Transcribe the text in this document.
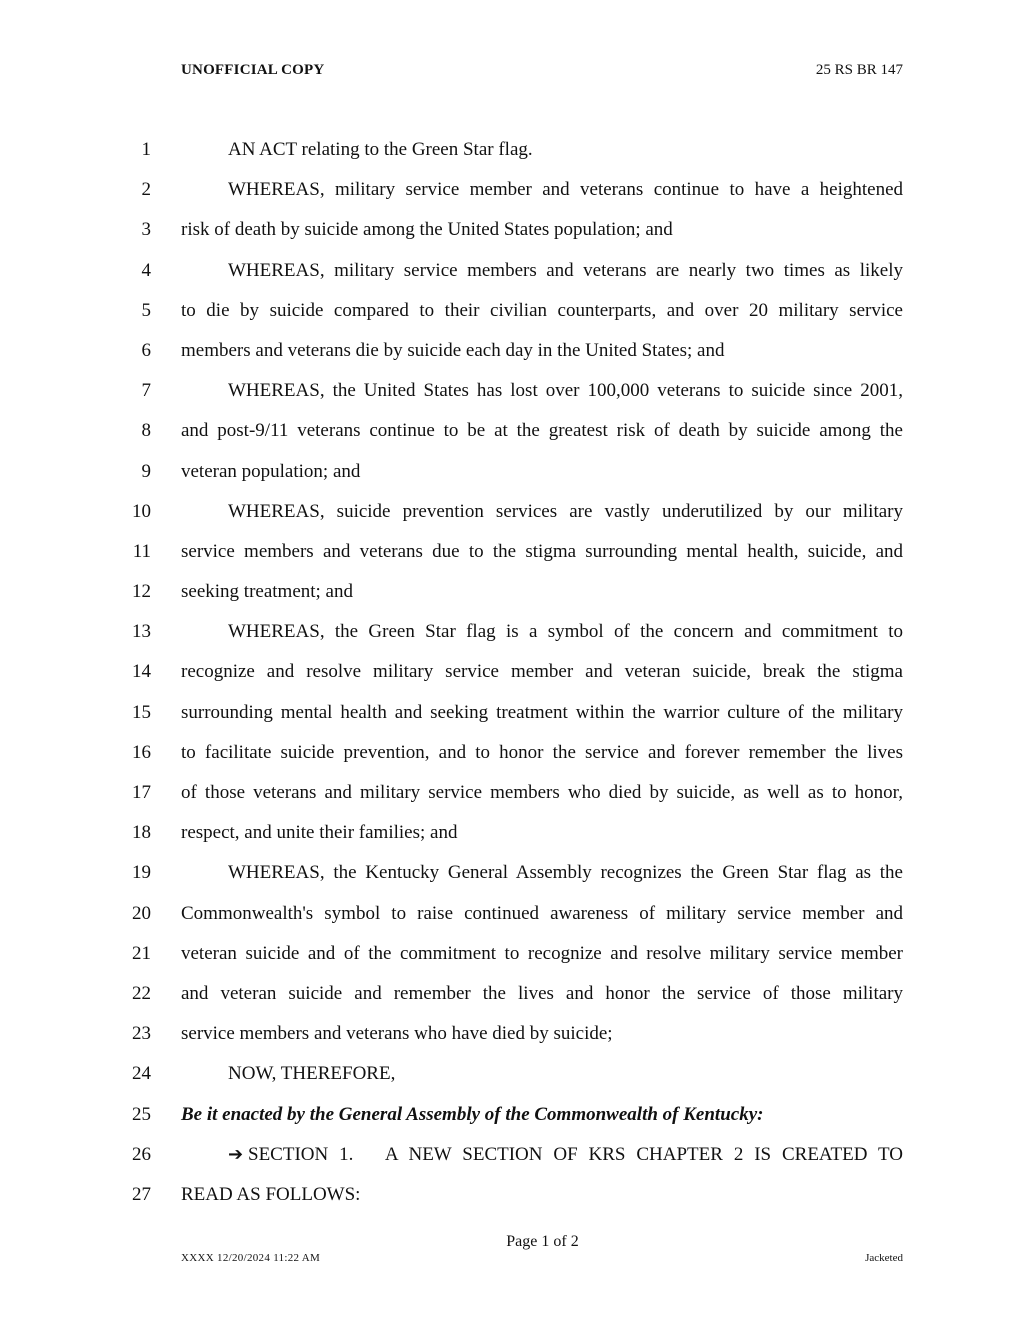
UNOFFICIAL COPY	25 RS BR 147
1	AN ACT relating to the Green Star flag.
2	WHEREAS, military service member and veterans continue to have a heightened
3 risk of death by suicide among the United States population; and
4	WHEREAS, military service members and veterans are nearly two times as likely
5 to die by suicide compared to their civilian counterparts, and over 20 military service
6 members and veterans die by suicide each day in the United States; and
7	WHEREAS, the United States has lost over 100,000 veterans to suicide since 2001,
8 and post-9/11 veterans continue to be at the greatest risk of death by suicide among the
9 veteran population; and
10	WHEREAS, suicide prevention services are vastly underutilized by our military
11 service members and veterans due to the stigma surrounding mental health, suicide, and
12 seeking treatment; and
13	WHEREAS, the Green Star flag is a symbol of the concern and commitment to
14 recognize and resolve military service member and veteran suicide, break the stigma
15 surrounding mental health and seeking treatment within the warrior culture of the military
16 to facilitate suicide prevention, and to honor the service and forever remember the lives
17 of those veterans and military service members who died by suicide, as well as to honor,
18 respect, and unite their families; and
19	WHEREAS, the Kentucky General Assembly recognizes the Green Star flag as the
20 Commonwealth's symbol to raise continued awareness of military service member and
21 veteran suicide and of the commitment to recognize and resolve military service member
22 and veteran suicide and remember the lives and honor the service of those military
23 service members and veterans who have died by suicide;
24	NOW, THEREFORE,
25 Be it enacted by the General Assembly of the Commonwealth of Kentucky:
26	➔ SECTION 1.   A NEW SECTION OF KRS CHAPTER 2 IS CREATED TO
27 READ AS FOLLOWS:
Page 1 of 2
XXXX 12/20/2024 11:22 AM	Jacketed
